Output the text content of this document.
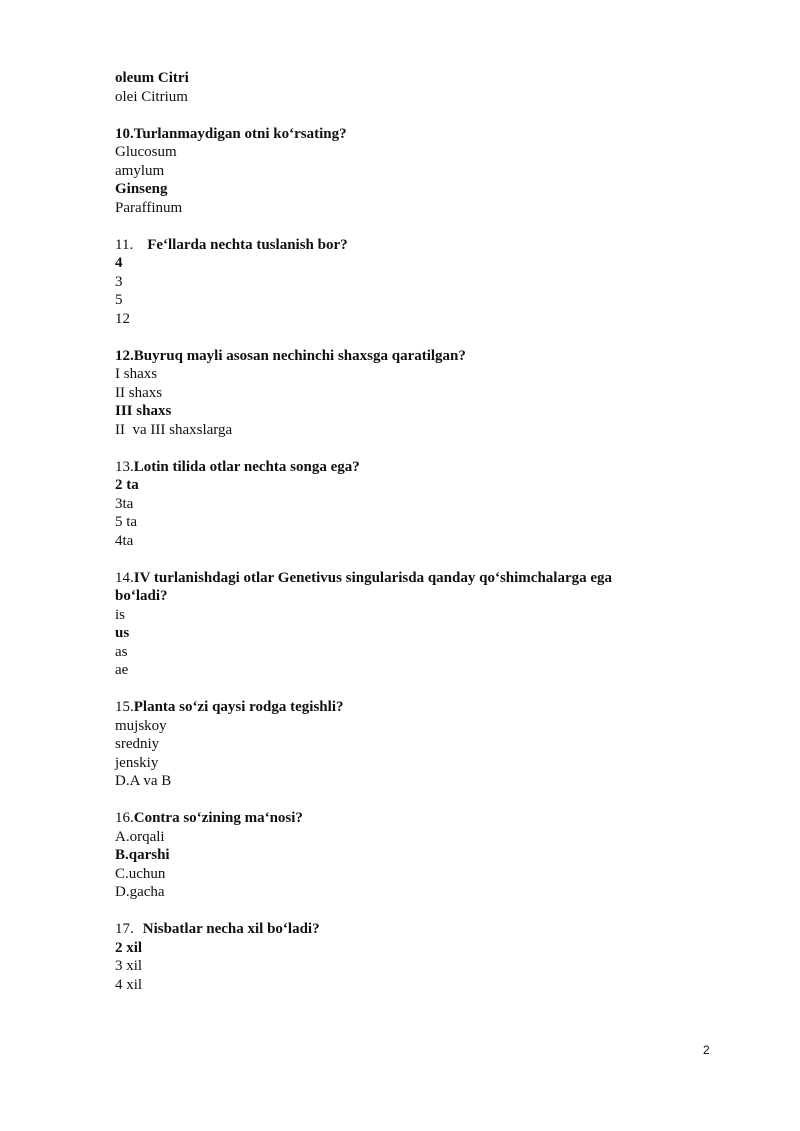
oleum Citri
olei Citrium
10.Turlanmaydigan otni ko‘rsating?
Glucosum
amylum
Ginseng
Paraffinum
11. Fe‘llarda nechta tuslanish bor?
4
3
5
12
12.Buyruq mayli asosan nechinchi shaxsga qaratilgan?
I shaxs
II shaxs
III shaxs
II  va III shaxslarga
13.Lotin tilida otlar nechta songa ega?
2 ta
3ta
5 ta
4ta
14.IV turlanishdagi otlar Genetivus singularisda qanday qo‘shimchalarga ega bo‘ladi?
is
us
as
ae
15.Planta so‘zi qaysi rodga tegishli?
mujskoy
sredniy
jenskiy
D.A va B
16.Contra so‘zining ma‘nosi?
A.orqali
B.qarshi
C.uchun
D.gacha
17. Nisbatlar necha xil bo‘ladi?
2 xil
3 xil
4 xil
2
